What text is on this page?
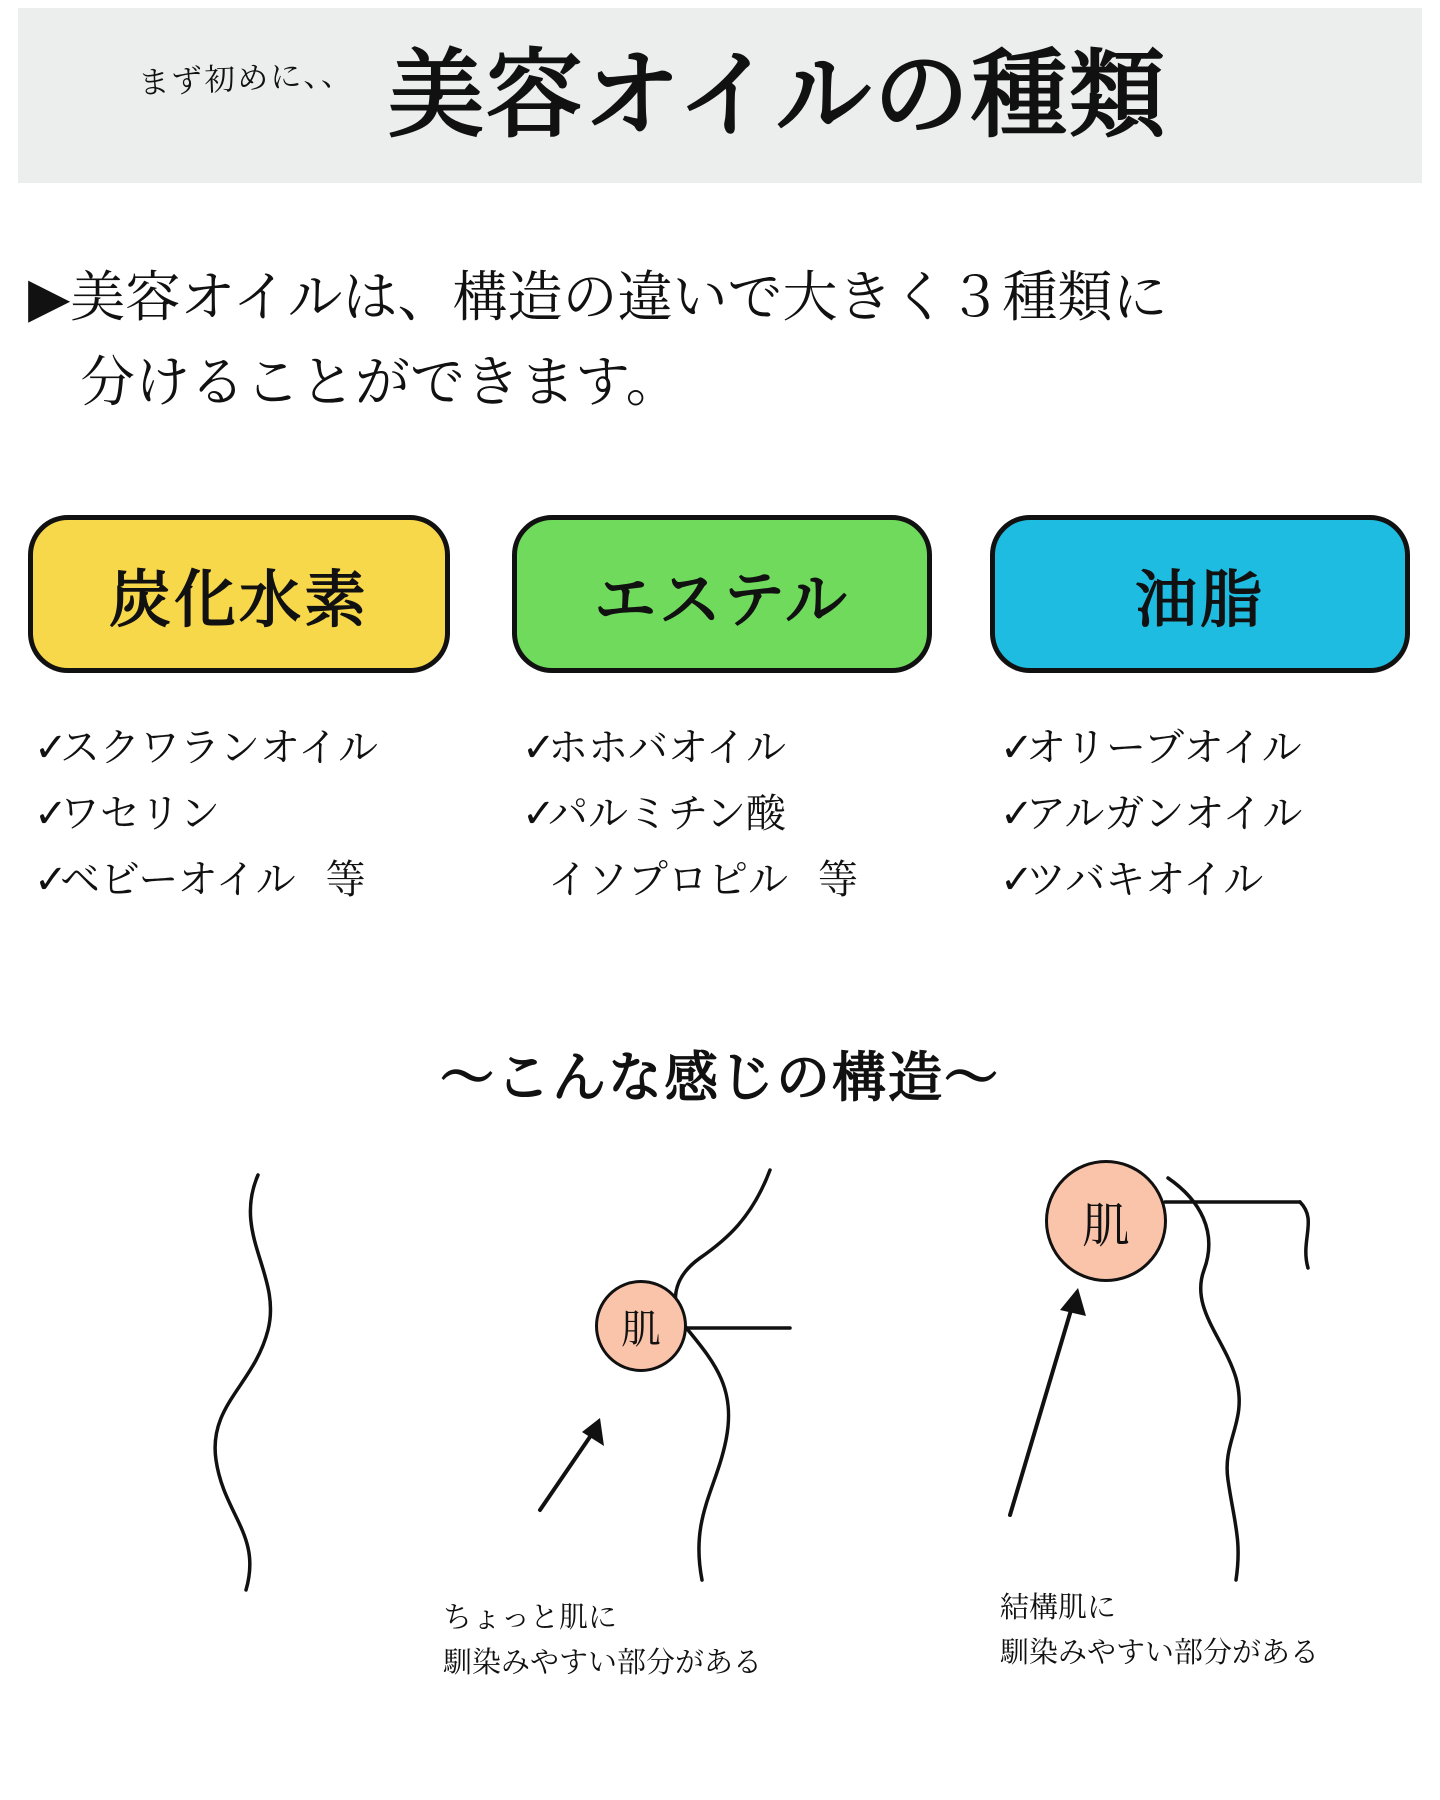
まず初めに、、 美容オイルの種類
▶美容オイルは、構造の違いで大きく３種類に
分けることができます。
炭化水素	エステル	油脂
✓スクワランオイル
✓ワセリン
✓ベビーオイル 等
✓ホホバオイル
✓パルミチン酸
イソプロピル 等
✓オリーブオイル
✓アルガンオイル
✓ツバキオイル
〜こんな感じの構造〜
肌
肌
ちょっと肌に
馴染みやすい部分がある
結構肌に
馴染みやすい部分がある
